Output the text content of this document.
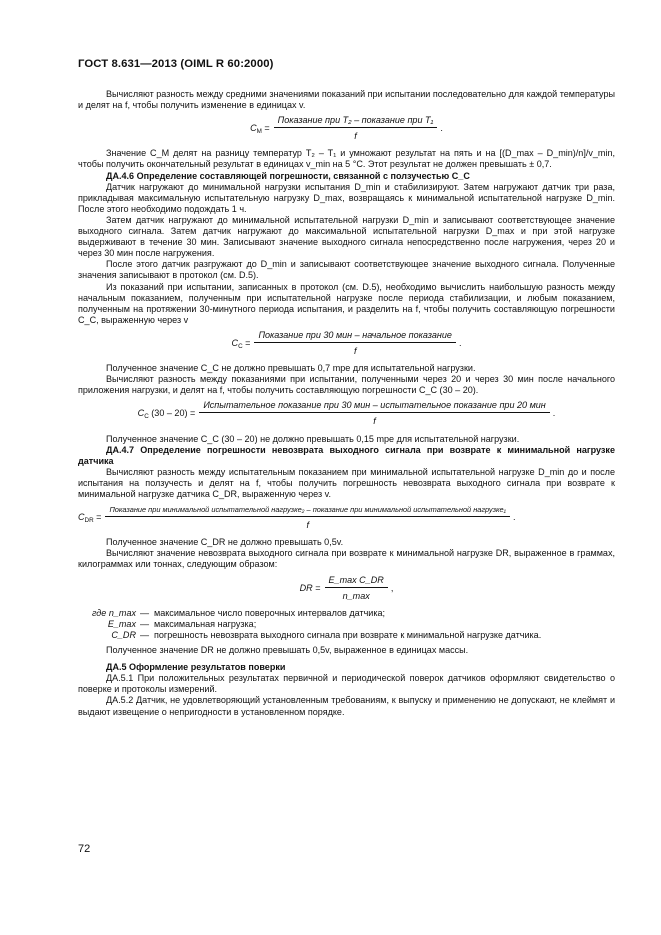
ГОСТ 8.631—2013 (OIML R 60:2000)

Вычисляют разность между средними значениями показаний при испытании последовательно для каждой температуры и делят на f, чтобы получить изменение в единицах v.

$C_M = \frac{\text{Показание при T₂ – показание при T₁}}{f}$ .

Значение C_M делят на разницу температур T₂ – T₁ и умножают результат на пять и на [(D_max – D_min)/n]/v_min, чтобы получить окончательный результат в единицах v_min на 5 °С. Этот результат не должен превышать ± 0,7.

ДА.4.6 Определение составляющей погрешности, связанной с ползучестью C_C

Датчик нагружают до минимальной нагрузки испытания D_min и стабилизируют. Затем нагружают датчик три раза, прикладывая максимальную испытательную нагрузку D_max, возвращаясь к минимальной испытательной нагрузке D_min. После этого необходимо подождать 1 ч.

Затем датчик нагружают до минимальной испытательной нагрузки D_min и записывают соответствующее значение выходного сигнала. Затем датчик нагружают до максимальной испытательной нагрузки D_max и при этой нагрузке выдерживают в течение 30 мин. Записывают значение выходного сигнала непосредственно после нагружения, через 20 и через 30 мин после нагружения.

После этого датчик разгружают до D_min и записывают соответствующее значение выходного сигнала. Полученные значения записывают в протокол (см. D.5).

Из показаний при испытании, записанных в протокол (см. D.5), необходимо вычислить наибольшую разность между начальным показанием, полученным при испытательной нагрузке после периода стабилизации, и любым показанием, полученным на протяжении 30-минутного периода испытания, и разделить на f, чтобы получить составляющую погрешности C_C, выраженную через v

$C_C = \frac{\text{Показание при 30 мин – начальное показание}}{f}$ .

Полученное значение C_C не должно превышать 0,7 mpe для испытательной нагрузки.

Вычисляют разность между показаниями при испытании, полученными через 20 и через 30 мин после начального приложения нагрузки, и делят на f, чтобы получить составляющую погрешности C_C (30 – 20).

$C_C$ (30 – 20) =
Испытательное показание при 30 мин – испытательное показание при 20 мин
f
.

Полученное значение C_C (30 – 20) не должно превышать 0,15 mpe для испытательной нагрузки.

ДА.4.7 Определение погрешности невозврата выходного сигнала при возврате к минимальной нагрузке датчика

Вычисляют разность между испытательным показанием при минимальной испытательной нагрузке D_min до и после испытания на ползучесть и делят на f, чтобы получить погрешность невозврата выходного сигнала при возврате к минимальной нагрузке датчика C_DR, выраженную через v.

$C_{DR}$ =
Показание при минимальной испытательной нагрузке₂ – показание при минимальной испытательной нагрузке₁
f
.

Полученное значение C_DR не должно превышать 0,5v.

Вычисляют значение невозврата выходного сигнала при возврате к минимальной нагрузке DR, выраженное в граммах, килограммах или тоннах, следующим образом:

DR = $\frac{\text{E\_max C\_DR}}{n\_\max}$ ,
где n_max — максимальное число поверочных интервалов датчика;
E_max — максимальная нагрузка;
C_DR — погрешность невозврата выходного сигнала при возврате к минимальной нагрузке датчика.

Полученное значение DR не должно превышать 0,5v, выраженное в единицах массы.

ДА.5 Оформление результатов поверки

ДА.5.1 При положительных результатах первичной и периодической поверок датчиков оформляют свидетельство о поверке и протоколы измерений.

ДА.5.2 Датчик, не удовлетворяющий установленным требованиям, к выпуску и применению не допускают, не клеймят и выдают извещение о непригодности в установленном порядке.

72
